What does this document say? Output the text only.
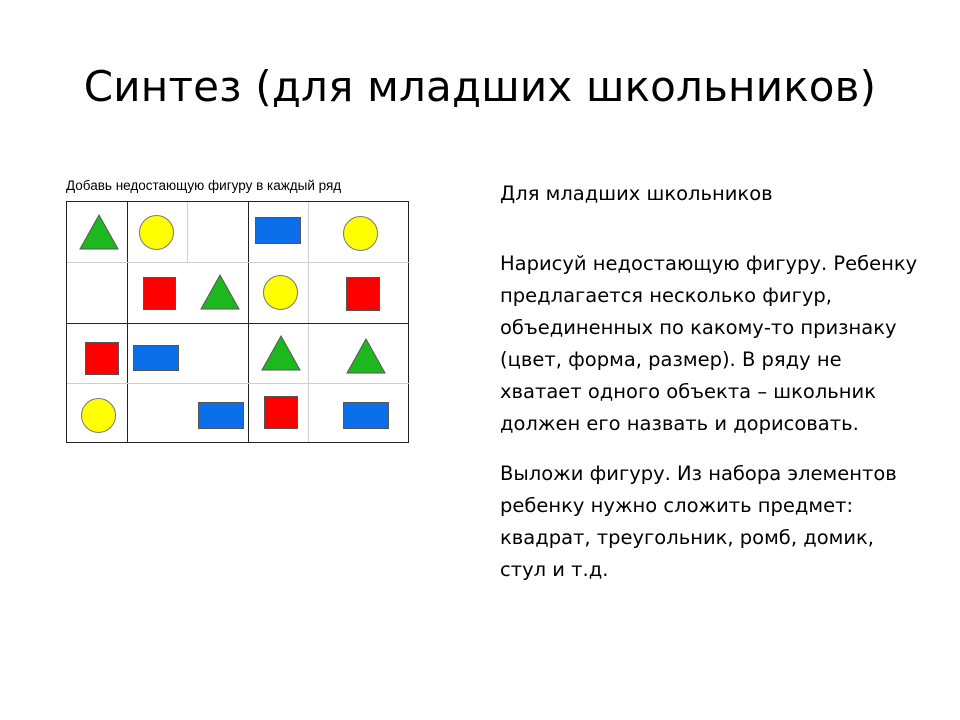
Синтез (для младших школьников)
Добавь недостающую фигуру в каждый ряд	Для младших школьников

Нарисуй недостающую фигуру. Ребенку предлагается несколько фигур, объединенных по какому-то признаку (цвет, форма, размер). В ряду не хватает одного объекта – школьник должен его назвать и дорисовать.

Выложи фигуру. Из набора элементов ребенку нужно сложить предмет: квадрат, треугольник, ромб, домик, стул и т.д.
